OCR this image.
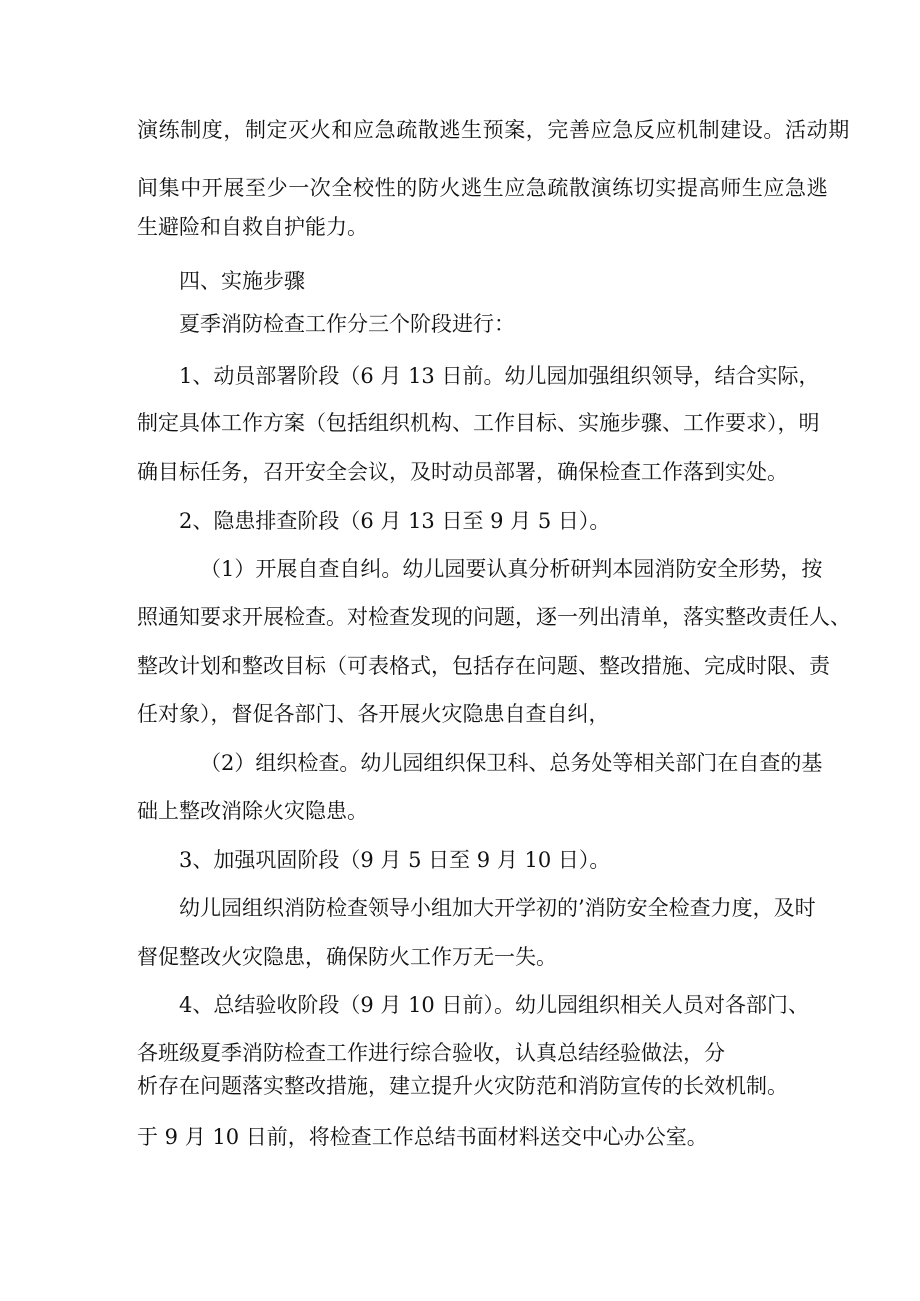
演练制度，制定灭火和应急疏散逃生预案，完善应急反应机制建设。活动期

间集中开展至少一次全校性的防火逃生应急疏散演练切实提高师生应急逃

生避险和自救自护能力。

四、实施步骤

夏季消防检查工作分三个阶段进行：

1、动员部署阶段（6 月 13 日前。幼儿园加强组织领导，结合实际，

制定具体工作方案（包括组织机构、工作目标、实施步骤、工作要求），明

确目标任务，召开安全会议，及时动员部署，确保检查工作落到实处。

2、隐患排查阶段（6 月 13 日至 9 月 5 日）。

（1）开展自查自纠。幼儿园要认真分析研判本园消防安全形势，按

照通知要求开展检查。对检查发现的问题，逐一列出清单，落实整改责任人、

整改计划和整改目标（可表格式，包括存在问题、整改措施、完成时限、责

任对象），督促各部门、各开展火灾隐患自查自纠，

（2）组织检查。幼儿园组织保卫科、总务处等相关部门在自查的基

础上整改消除火灾隐患。

3、加强巩固阶段（9 月 5 日至 9 月 10 日）。

幼儿园组织消防检查领导小组加大开学初的’消防安全检查力度，及时

督促整改火灾隐患，确保防火工作万无一失。

4、总结验收阶段（9 月 10 日前）。幼儿园组织相关人员对各部门、

各班级夏季消防检查工作进行综合验收，认真总结经验做法，分

析存在问题落实整改措施，建立提升火灾防范和消防宣传的长效机制。

于 9 月 10 日前，将检查工作总结书面材料送交中心办公室。
